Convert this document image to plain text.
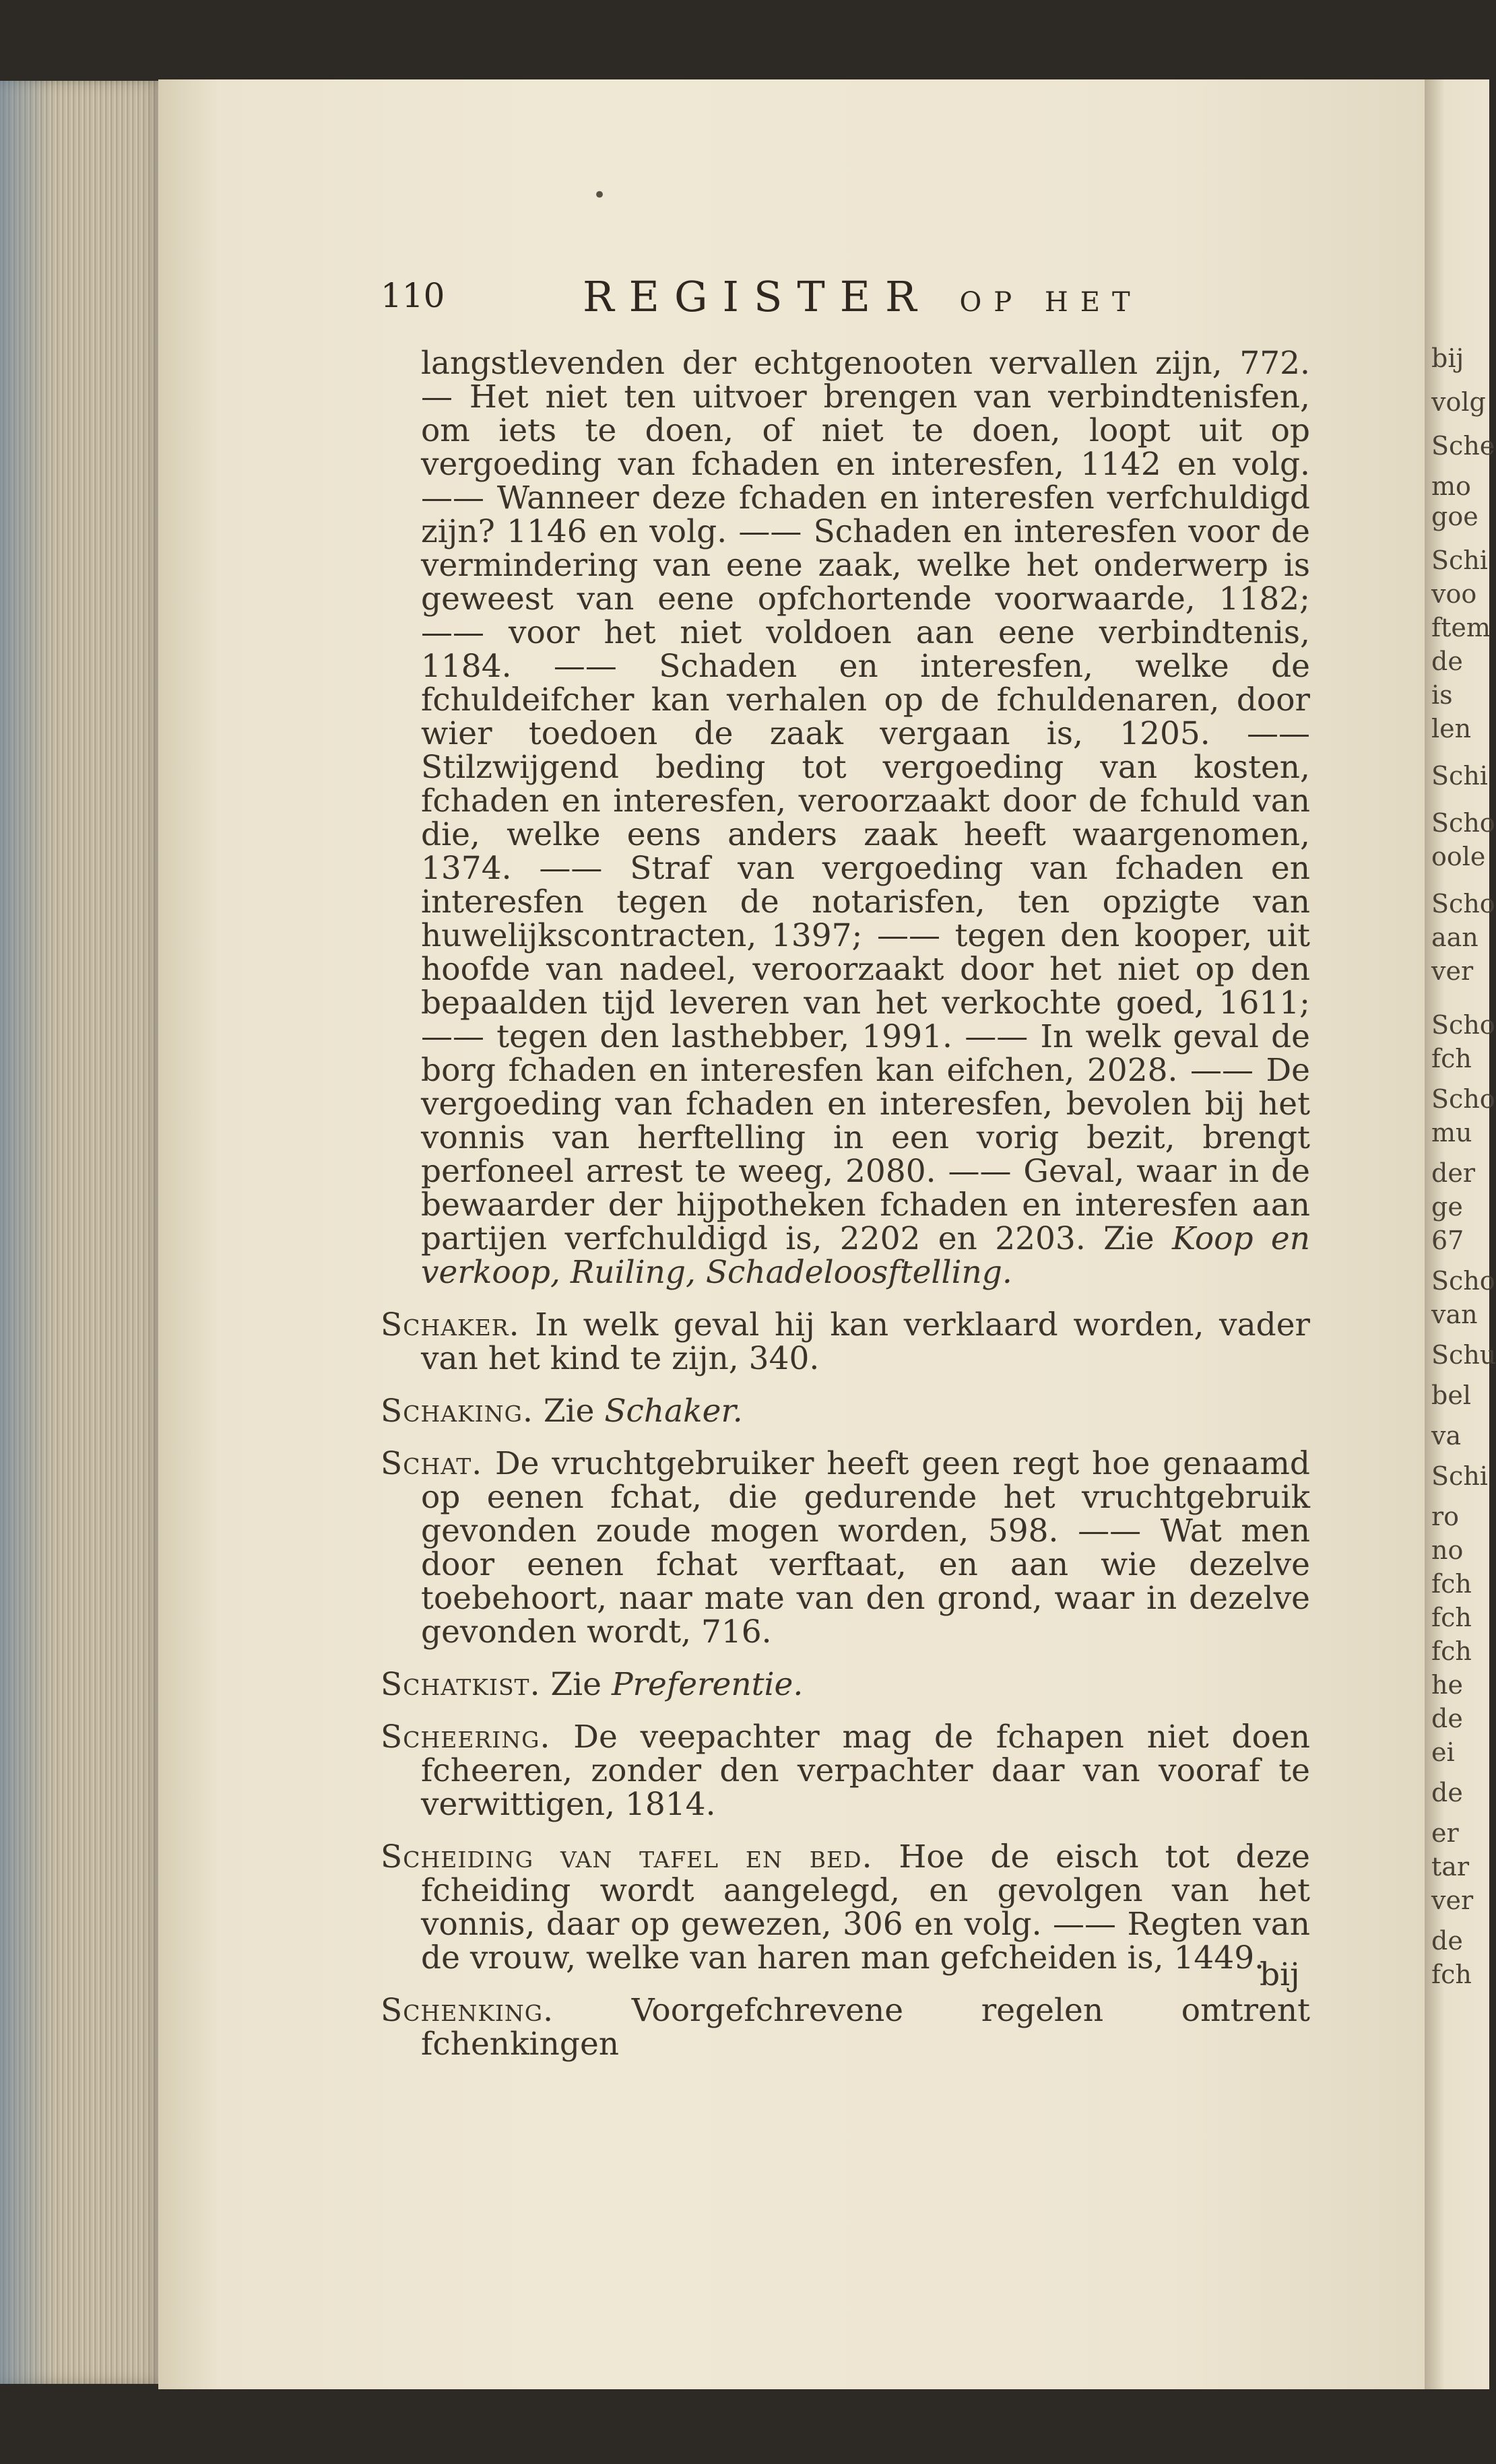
bij
volg
Sche
mo
goe
Schi
voo
ftem
de
is
len
Schi
Scho
oole
Scho
aan
ver
Scho
fch
Scho
mu
der
ge
67
Scho
van
Schu
bel
va
Schi
ro
no
fch
fch
fch
he
de
ei
de
er
tar
ver
de
fch
110	REGISTER OP HET
•

langstlevenden der echtgenooten vervallen zijn, 772. — Het niet ten uitvoer brengen van verbindtenisfen, om iets te doen, of niet te doen, loopt uit op vergoeding van fchaden en interesfen, 1142 en volg. —— Wanneer deze fchaden en interesfen verfchuldigd zijn? 1146 en volg. —— Schaden en interesfen voor de vermindering van eene zaak, welke het onderwerp is geweest van eene opfchortende voorwaarde, 1182; —— voor het niet voldoen aan eene verbindtenis, 1184. —— Schaden en interesfen, welke de fchuldeifcher kan verhalen op de fchuldenaren, door wier toedoen de zaak vergaan is, 1205. —— Stilzwijgend beding tot vergoeding van kosten, fchaden en interesfen, veroorzaakt door de fchuld van die, welke eens anders zaak heeft waargenomen, 1374. —— Straf van vergoeding van fchaden en interesfen tegen de notarisfen, ten opzigte van huwelijkscontracten, 1397; —— tegen den kooper, uit hoofde van nadeel, veroorzaakt door het niet op den bepaalden tijd leveren van het verkochte goed, 1611; —— tegen den lasthebber, 1991. —— In welk geval de borg fchaden en interesfen kan eifchen, 2028. —— De vergoeding van fchaden en interesfen, bevolen bij het vonnis van herftelling in een vorig bezit, brengt perfoneel arrest te weeg, 2080. —— Geval, waar in de bewaarder der hijpotheken fchaden en interesfen aan partijen verfchuldigd is, 2202 en 2203. Zie Koop en verkoop, Ruiling, Schadeloosftelling.

Schaker. In welk geval hij kan verklaard worden, vader van het kind te zijn, 340.

Schaking. Zie Schaker.

Schat. De vruchtgebruiker heeft geen regt hoe genaamd op eenen fchat, die gedurende het vruchtgebruik gevonden zoude mogen worden, 598. —— Wat men door eenen fchat verftaat, en aan wie dezelve toebehoort, naar mate van den grond, waar in dezelve gevonden wordt, 716.

Schatkist. Zie Preferentie.

Scheering. De veepachter mag de fchapen niet doen fcheeren, zonder den verpachter daar van vooraf te verwittigen, 1814.

Scheiding van tafel en bed. Hoe de eisch tot deze fcheiding wordt aangelegd, en gevolgen van het vonnis, daar op gewezen, 306 en volg. —— Regten van de vrouw, welke van haren man gefcheiden is, 1449.

Schenking. Voorgefchrevene regelen omtrent fchenkingen

bij
